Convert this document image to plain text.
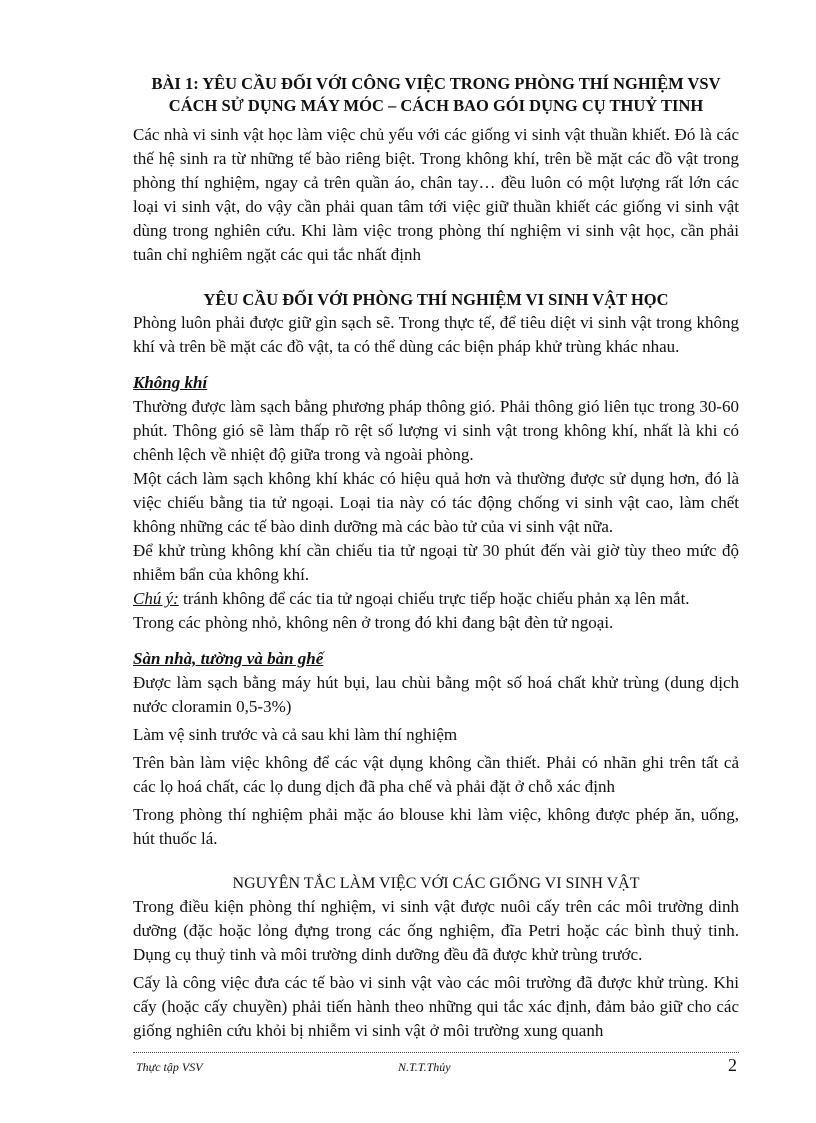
BÀI 1: YÊU CẦU ĐỐI VỚI CÔNG VIỆC TRONG PHÒNG THÍ NGHIỆM VSV

CÁCH SỬ DỤNG MÁY MÓC – CÁCH BAO GÓI DỤNG CỤ THUỶ TINH

Các nhà vi sinh vật học làm việc chủ yếu với các giống vi sinh vật thuần khiết. Đó là các thế hệ sinh ra từ những tế bào riêng biệt. Trong không khí, trên bề mặt các đồ vật trong phòng thí nghiệm, ngay cả trên quần áo, chân tay… đều luôn có một lượng rất lớn các loại vi sinh vật, do vậy cần phải quan tâm tới việc giữ thuần khiết các giống vi sinh vật dùng trong nghiên cứu. Khi làm việc trong phòng thí nghiệm vi sinh vật học, cần phải tuân chỉ nghiêm ngặt các qui tắc nhất định

YÊU CẦU ĐỐI VỚI PHÒNG THÍ NGHIỆM VI SINH VẬT HỌC

Phòng luôn phải được giữ gìn sạch sẽ. Trong thực tế, để tiêu diệt vi sinh vật trong không khí và trên bề mặt các đồ vật, ta có thể dùng các biện pháp khử trùng khác nhau.

Không khí

Thường được làm sạch bằng phương pháp thông gió. Phải thông gió liên tục trong 30-60 phút. Thông gió sẽ làm thấp rõ rệt số lượng vi sinh vật trong không khí, nhất là khi có chênh lệch về nhiệt độ giữa trong và ngoài phòng.

Một cách làm sạch không khí khác có hiệu quả hơn và thường được sử dụng hơn, đó là việc chiếu bằng tia tử ngoại. Loại tia này có tác động chống vi sinh vật cao, làm chết không những các tế bào dinh dưỡng mà các bào tử của vi sinh vật nữa.

Để khử trùng không khí cần chiếu tia tử ngoại từ 30 phút đến vài giờ tùy theo mức độ nhiễm bẩn của không khí.

Chú ý: tránh không để các tia tử ngoại chiếu trực tiếp hoặc chiếu phản xạ lên mắt.

Trong các phòng nhỏ, không nên ở trong đó khi đang bật đèn tử ngoại.

Sàn nhà, tường và bàn ghế

Được làm sạch bằng máy hút bụi, lau chùi bằng một số hoá chất khử trùng (dung dịch nước cloramin 0,5-3%)

Làm vệ sinh trước và cả sau khi làm thí nghiệm

Trên bàn làm việc không để các vật dụng không cần thiết. Phải có nhãn ghi trên tất cả các lọ hoá chất, các lọ dung dịch đã pha chế và phải đặt ở chỗ xác định

Trong phòng thí nghiệm phải mặc áo blouse khi làm việc, không được phép ăn, uống, hút thuốc lá.

NGUYÊN TẮC LÀM VIỆC VỚI CÁC GIỐNG VI SINH VẬT

Trong điều kiện phòng thí nghiệm, vi sinh vật được nuôi cấy trên các môi trường dinh dưỡng (đặc hoặc lỏng đựng trong các ống nghiệm, đĩa Petri hoặc các bình thuỷ tinh. Dụng cụ thuỷ tinh và môi trường dinh dưỡng đều đã được khử trùng trước.

Cấy là công việc đưa các tế bào vi sinh vật vào các môi trường đã được khử trùng. Khi cấy (hoặc cấy chuyền) phải tiến hành theo những qui tắc xác định, đảm bảo giữ cho các giống nghiên cứu khỏi bị nhiễm vi sinh vật ở môi trường xung quanh

Thực tập VSV	N.T.T.Thủy	2
